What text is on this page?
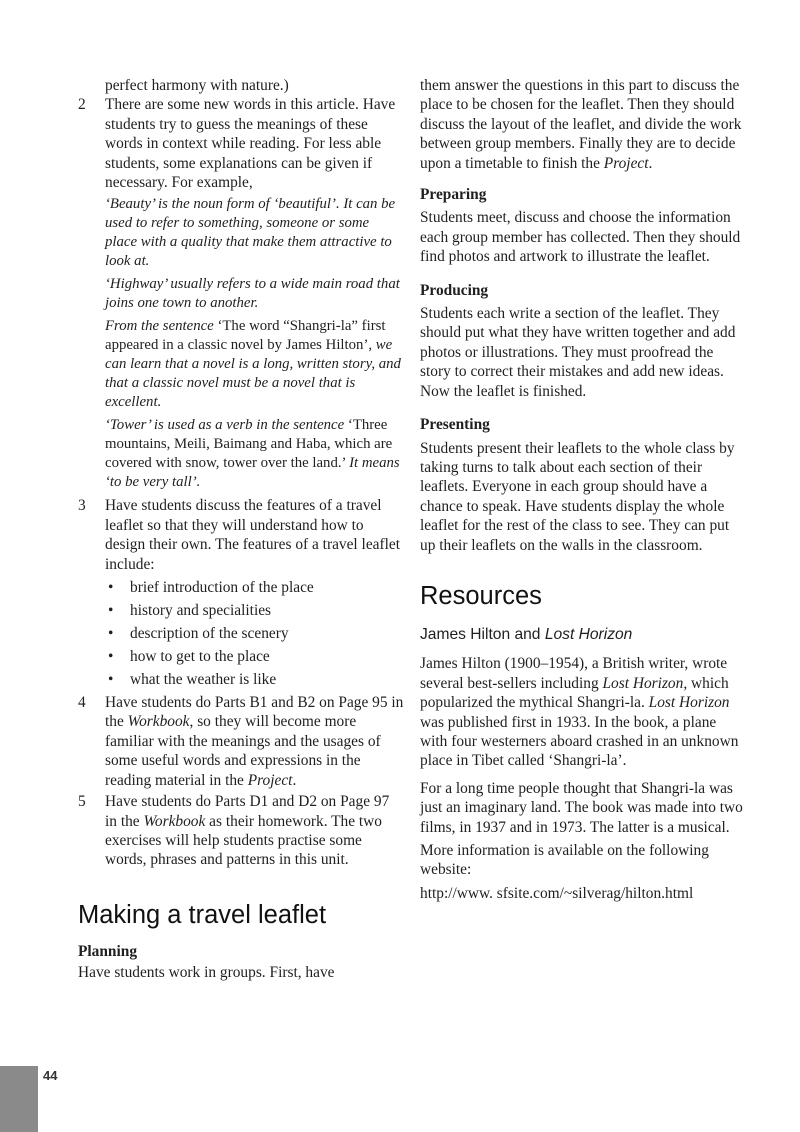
perfect harmony with nature.)

2 There are some new words in this article. Have students try to guess the meanings of these words in context while reading. For less able students, some explanations can be given if necessary. For example,

‘Beauty’ is the noun form of ‘beautiful’. It can be used to refer to something, someone or some place with a quality that make them attractive to look at.

‘Highway’ usually refers to a wide main road that joins one town to another.

From the sentence ‘The word “Shangri-la” first appeared in a classic novel by James Hilton’, we can learn that a novel is a long, written story, and that a classic novel must be a novel that is excellent.

‘Tower’ is used as a verb in the sentence ‘Three mountains, Meili, Baimang and Haba, which are covered with snow, tower over the land.’ It means ‘to be very tall’.

3 Have students discuss the features of a travel leaflet so that they will understand how to design their own. The features of a travel leaflet include:

• brief introduction of the place
• history and specialities
• description of the scenery
• how to get to the place
• what the weather is like
4 Have students do Parts B1 and B2 on Page 95 in the Workbook, so they will become more familiar with the meanings and the usages of some useful words and expressions in the reading material in the Project.

5 Have students do Parts D1 and D2 on Page 97 in the Workbook as their homework. The two exercises will help students practise some words, phrases and patterns in this unit.

Making a travel leaflet
Planning

Have students work in groups. First, have

them answer the questions in this part to discuss the place to be chosen for the leaflet. Then they should discuss the layout of the leaflet, and divide the work between group members. Finally they are to decide upon a timetable to finish the Project.

Preparing

Students meet, discuss and choose the information each group member has collected. Then they should find photos and artwork to illustrate the leaflet.

Producing

Students each write a section of the leaflet. They should put what they have written together and add photos or illustrations. They must proofread the story to correct their mistakes and add new ideas. Now the leaflet is finished.

Presenting

Students present their leaflets to the whole class by taking turns to talk about each section of their leaflets. Everyone in each group should have a chance to speak. Have students display the whole leaflet for the rest of the class to see. They can put up their leaflets on the walls in the classroom.

Resources
James Hilton and Lost Horizon

James Hilton (1900–1954), a British writer, wrote several best-sellers including Lost Horizon, which popularized the mythical Shangri-la. Lost Horizon was published first in 1933. In the book, a plane with four westerners aboard crashed in an unknown place in Tibet called ‘Shangri-la’.

For a long time people thought that Shangri-la was just an imaginary land. The book was made into two films, in 1937 and in 1973. The latter is a musical.

More information is available on the following website:

http://www. sfsite.com/~silverag/hilton.html

44
